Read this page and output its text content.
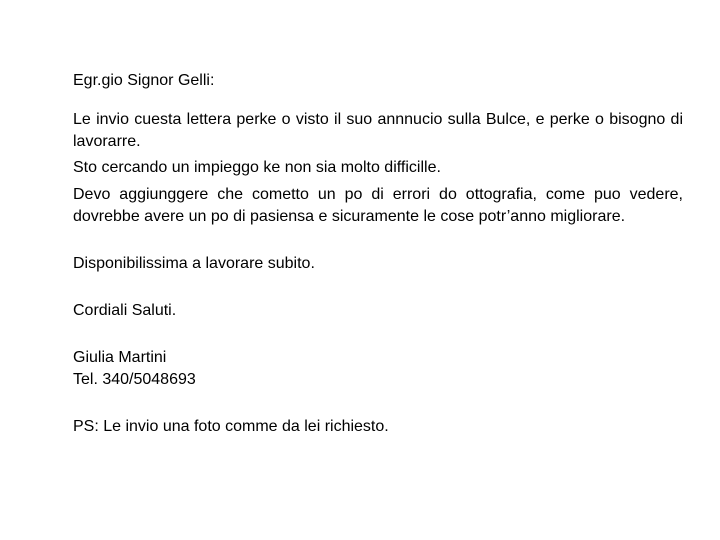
Egr.gio Signor Gelli:

Le invio cuesta lettera perke o visto il suo annnucio sulla Bulce, e perke o bisogno di lavorarre.

Sto cercando un impieggo ke non sia molto difficille.

Devo aggiunggere che cometto un po di errori do ottografia, come puo vedere, dovrebbe avere un po di pasiensa e sicuramente le cose potr’anno migliorare.

Disponibilissima a lavorare subito.

Cordiali Saluti.

Giulia Martini
Tel. 340/5048693

PS: Le invio una foto comme da lei richiesto.
